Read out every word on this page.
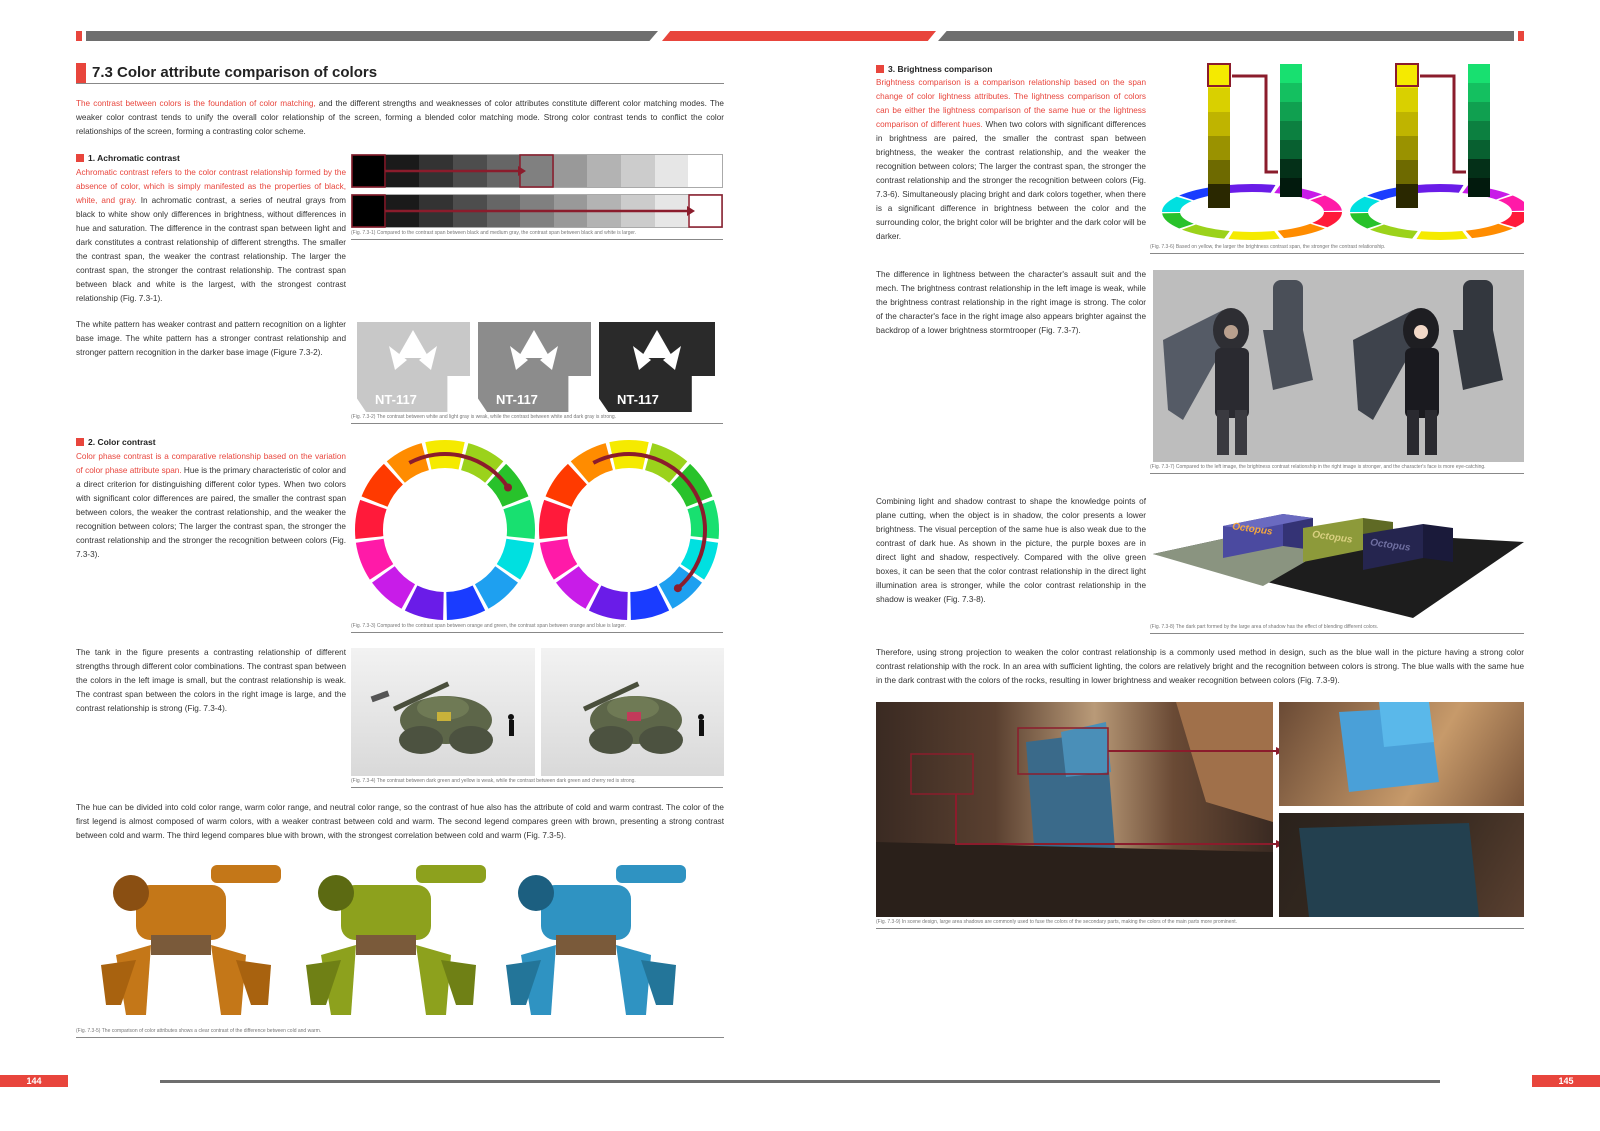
7.3 Color attribute comparison of colors

The contrast between colors is the foundation of color matching, and the different strengths and weaknesses of color attributes constitute different color matching modes. The weaker color contrast tends to unify the overall color relationship of the screen, forming a blended color matching mode. Strong color contrast tends to conflict the color relationships of the screen, forming a contrasting color scheme.

1. Achromatic contrast

Achromatic contrast refers to the color contrast relationship formed by the absence of color, which is simply manifested as the properties of black, white, and gray. In achromatic contrast, a series of neutral grays from black to white show only differences in brightness, without differences in hue and saturation. The difference in the contrast span between light and dark constitutes a contrast relationship of different strengths. The smaller the contrast span, the weaker the contrast relationship. The larger the contrast span, the stronger the contrast relationship. The contrast span between black and white is the largest, with the strongest contrast relationship (Fig. 7.3-1).

(Fig. 7.3-1) Compared to the contrast span between black and medium gray, the contrast span between black and white is larger.

The white pattern has weaker contrast and pattern recognition on a lighter base image. The white pattern has a stronger contrast relationship and stronger pattern recognition in the darker base image (Figure 7.3-2).

NT-117	NT-117	NT-117
(Fig. 7.3-2) The contrast between white and light gray is weak, while the contrast between white and dark gray is strong.
2. Color contrast

Color phase contrast is a comparative relationship based on the variation of color phase attribute span. Hue is the primary characteristic of color and a direct criterion for distinguishing different color types. When two colors with significant color differences are paired, the smaller the contrast span between colors, the weaker the contrast relationship, and the weaker the recognition between colors; The larger the contrast span, the stronger the contrast relationship and the stronger the recognition between colors (Fig. 7.3-3).

(Fig. 7.3-3) Compared to the contrast span between orange and green, the contrast span between orange and blue is larger.

The tank in the figure presents a contrasting relationship of different strengths through different color combinations. The contrast span between the colors in the left image is small, but the contrast relationship is weak. The contrast span between the colors in the right image is large, and the contrast relationship is strong (Fig. 7.3-4).

(Fig. 7.3-4) The contrast between dark green and yellow is weak, while the contrast between dark green and cherry red is strong.

The hue can be divided into cold color range, warm color range, and neutral color range, so the contrast of hue also has the attribute of cold and warm contrast. The color of the first legend is almost composed of warm colors, with a weaker contrast between cold and warm. The second legend compares green with brown, presenting a strong contrast between cold and warm. The third legend compares blue with brown, with the strongest correlation between cold and warm (Fig. 7.3-5).

(Fig. 7.3-5) The comparison of color attributes shows a clear contrast of the difference between cold and warm.
3. Brightness comparison

Brightness comparison is a comparison relationship based on the span change of color lightness attributes. The lightness comparison of colors can be either the lightness comparison of the same hue or the lightness comparison of different hues. When two colors with significant differences in brightness are paired, the smaller the contrast span between brightness, the weaker the contrast relationship, and the weaker the recognition between colors; The larger the contrast span, the stronger the contrast relationship and the stronger the recognition between colors (Fig. 7.3-6). Simultaneously placing bright and dark colors together, when there is a significant difference in brightness between the color and the surrounding color, the bright color will be brighter and the dark color will be darker.

(Fig. 7.3-6) Based on yellow, the larger the brightness contrast span, the stronger the contrast relationship.

The difference in lightness between the character's assault suit and the mech. The brightness contrast relationship in the left image is weak, while the brightness contrast relationship in the right image is strong. The color of the character's face in the right image also appears brighter against the backdrop of a lower brightness stormtrooper (Fig. 7.3-7).

(Fig. 7.3-7) Compared to the left image, the brightness contrast relationship in the right image is stronger, and the character's face is more eye-catching.

Combining light and shadow contrast to shape the knowledge points of plane cutting, when the object is in shadow, the color presents a lower brightness. The visual perception of the same hue is also weak due to the contrast of dark hue. As shown in the picture, the purple boxes are in direct light and shadow, respectively. Compared with the olive green boxes, it can be seen that the color contrast relationship in the direct light illumination area is stronger, while the color contrast relationship in the shadow is weaker (Fig. 7.3-8).

Octopus	Octopus Octopus
(Fig. 7.3-8) The dark part formed by the large area of shadow has the effect of blending different colors.

Therefore, using strong projection to weaken the color contrast relationship is a commonly used method in design, such as the blue wall in the picture having a strong color contrast relationship with the rock. In an area with sufficient lighting, the colors are relatively bright and the recognition between colors is strong. The blue walls with the same hue in the dark contrast with the colors of the rocks, resulting in lower brightness and weaker recognition between colors (Fig. 7.3-9).

(Fig. 7.3-9) In scene design, large area shadows are commonly used to fuse the colors of the secondary parts, making the colors of the main parts more prominent.
144	145
